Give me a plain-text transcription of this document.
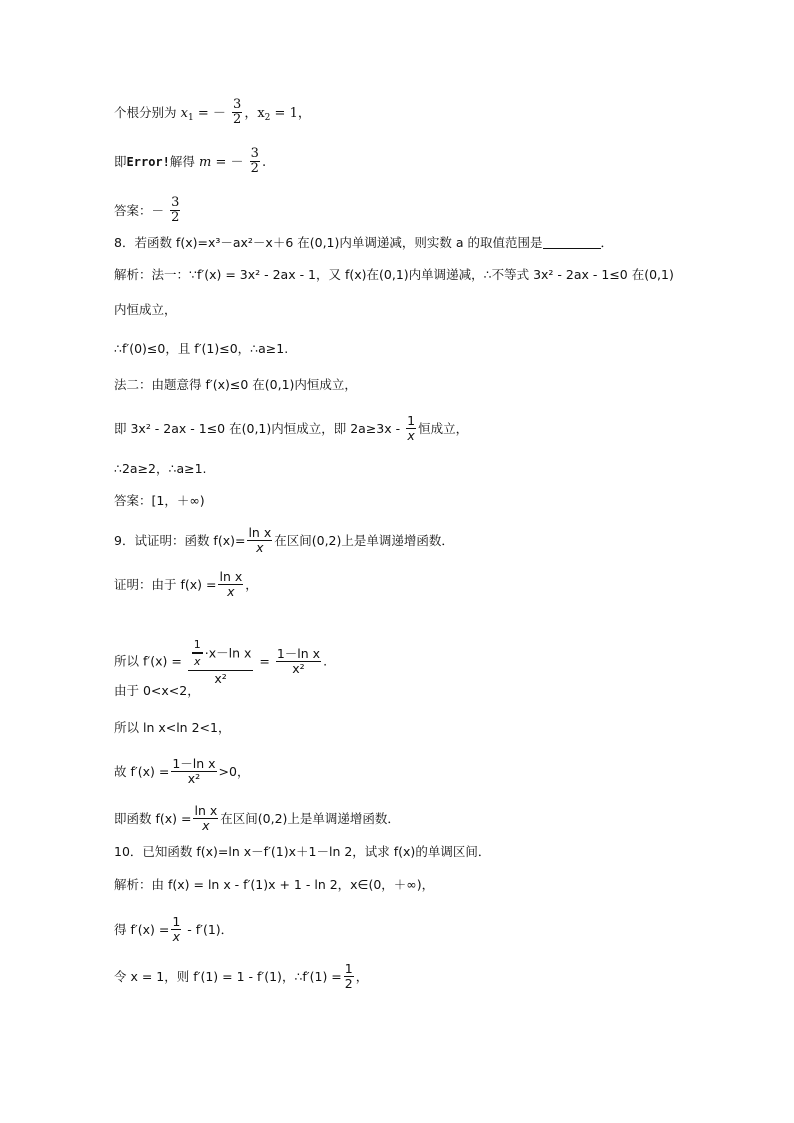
个根分别为 $x_1$ = － $\frac{3}{2}$ ，$x_2 = 1$，
即Error!解得 m = － $\frac{3}{2}$ .
答案：－ $\frac{3}{2}$
8．若函数 f(x)=x³－ax²－x＋6 在(0,1)内单调递减，则实数 a 的取值范围是	．
解析：法一：∵f′(x) = 3x² - 2ax - 1，又 f(x)在(0,1)内单调递减，∴不等式 3x² - 2ax - 1≤0 在(0,1)
内恒成立，
∴f′(0)≤0，且 f′(1)≤0，∴a≥1.
法二：由题意得 f′(x)≤0 在(0,1)内恒成立，
即 3x² - 2ax - 1≤0 在(0,1)内恒成立，即 $2a\ge 3x - \frac{1}{x}$ 恒成立，
∴2a≥2，∴a≥1.
答案：[1，＋∞)
9．试证明：函数 $f(x)= \frac{\text{ln x}}{x}$ 在区间(0,2)上是单调递增函数．
证明：由于 $f(x) = \frac{\text{ln x}}{x}$ ，
所以 $f'(x) = \frac{\frac{1}{x} \cdot x-\ln x}{\text{x²}} = \frac{\text{1－ln x}}{\text{x²}}$ .
由于 0<x<2，
所以 ln x<ln 2<1，
故 $f'(x) = \frac{\text{1－ln x}}{\text{x²}} >0$，
即函数 $f(x) = \frac{\text{ln x}}{x}$ 在区间(0,2)上是单调递增函数．
10．已知函数 f(x)=ln x－f′(1)x＋1－ln 2，试求 f(x)的单调区间．
解析：由 f(x) = ln x - f′(1)x + 1 - ln 2，x∈(0，＋∞)，
得 $f'(x) = \frac{1}{x} - f'(1)$．
令 x = 1，则 f′(1) = 1 - f′(1)，∴f′(1) = $\frac{1}{2}$ ，
